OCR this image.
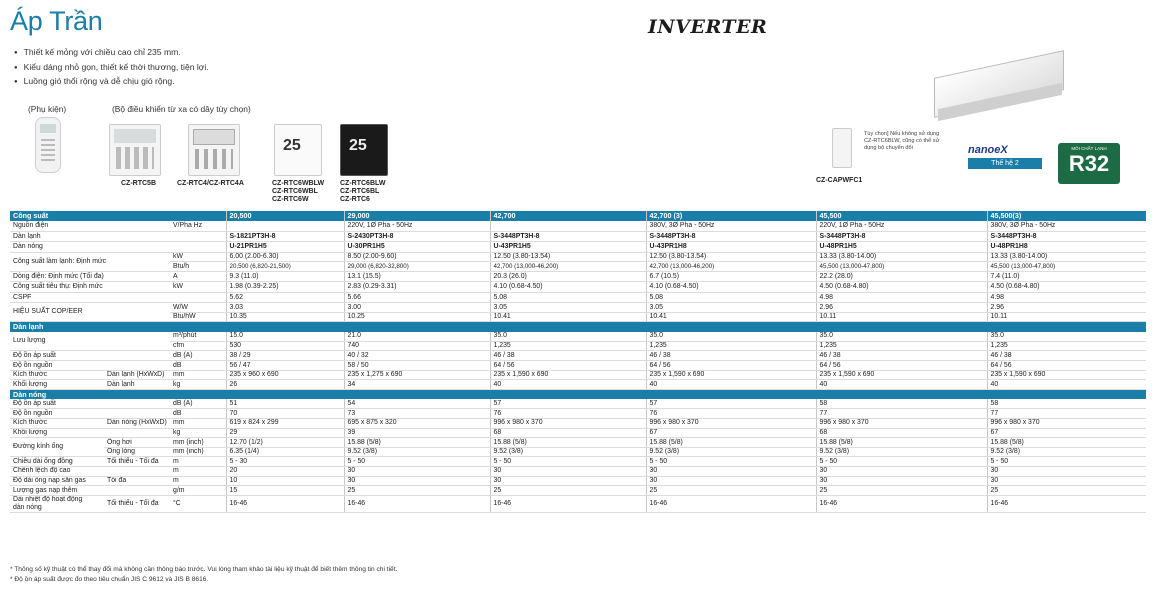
Áp Trần
● Thiết kế mỏng với chiều cao chỉ 235 mm.
● Kiểu dáng nhỏ gọn, thiết kế thời thương, tiện lợi.
● Luồng gió thổi rộng và dễ chịu gió rộng.
(Phụ kiện)	(Bộ điều khiển từ xa có dây tùy chọn)
25	25
CZ-RTC5B	CZ-RTC4/CZ-RTC4A	CZ-RTC6WBLW
CZ-RTC6WBL
CZ-RTC6W
CZ-RTC6BLW
CZ-RTC6BL
CZ-RTC6
INVERTER
Tùy chọn] Nếu không sử dụng CZ-RTC6BLW, cũng có thể sử dụng bộ chuyển đổi
CZ-CAPWFC1
nanoeX
Thế hệ 2
MÔI CHẤT LẠNH
R32
Công suất			20,500	29,000	42,700	42,700 (3)	45,500	45,500(3)
Nguồn điện		V/Pha Hz		220V, 1Ø Pha - 50Hz		380V, 3Ø Pha - 50Hz	220V, 1Ø Pha - 50Hz	380V, 3Ø Pha - 50Hz
Dàn lạnh			S-1821PT3H-8	S-2430PT3H-8	S-3448PT3H-8	S-3448PT3H-8	S-3448PT3H-8	S-3448PT3H-8
Dàn nóng			U-21PR1H5	U-30PR1H5	U-43PR1H5	U-43PR1H8	U-48PR1H5	U-48PR1H8
Công suất làm lạnh: Định mức		kW	6.00 (2.00-6.30)	8.50 (2.00-9.60)	12.50 (3.80-13.54)	12.50 (3.80-13.54)	13.33 (3.80-14.00)	13.33 (3.80-14.00)
		Btu/h	20,500 (6,820-21,500)	29,000 (6,820-32,800)	42,700 (13,000-46,200)	42,700 (13,000-46,200)	45,500 (13,000-47,800)	45,500 (13,000-47,800)
Dòng điện: Định mức (Tối đa)		A	9.3 (11.0)	13.1 (15.5)	20.3 (26.0)	6.7 (10.5)	22.2 (28.0)	7.4 (11.0)
Công suất tiêu thụ: Định mức		kW	1.98 (0.39-2.25)	2.83 (0.29-3.31)	4.10 (0.68-4.50)	4.10 (0.68-4.50)	4.50 (0.68-4.80)	4.50 (0.68-4.80)
CSPF			5.62	5.66	5.08	5.08	4.98	4.98
HIỆU SUẤT COP/EER		W/W	3.03	3.00	3.05	3.05	2.96	2.96
		Btu/hW	10.35	10.25	10.41	10.41	10.11	10.11
Dàn lạnh								
Lưu lượng		m³/phút	15.0	21.0	35.0	35.0	35.0	35.0
		cfm	530	740	1,235	1,235	1,235	1,235
Độ ồn áp suất		dB (A)	38 / 29	40 / 32	46 / 38	46 / 38	46 / 38	46 / 38
Độ ồn nguồn		dB	56 / 47	58 / 50	64 / 56	64 / 56	64 / 56	64 / 56
Kích thước	Dàn lạnh (HxWxD)	mm	235 x 960 x 690	235 x 1,275 x 690	235 x 1,590 x 690	235 x 1,590 x 690	235 x 1,590 x 690	235 x 1,590 x 690
Khối lượng	Dàn lạnh	kg	26	34	40	40	40	40
Dàn nóng								
Độ ồn áp suất		dB (A)	51	54	57	57	58	58
Độ ồn nguồn		dB	70	73	76	76	77	77
Kích thước	Dàn nóng (HxWxD)	mm	619 x 824 x 299	695 x 875 x 320	996 x 980 x 370	996 x 980 x 370	996 x 980 x 370	996 x 980 x 370
Khối lượng		kg	29	39	68	67	68	67
Đường kính ống	Ống hơi	mm (inch)	12.70 (1/2)	15.88 (5/8)	15.88 (5/8)	15.88 (5/8)	15.88 (5/8)	15.88 (5/8)
	Ống lỏng	mm (inch)	6.35 (1/4)	9.52 (3/8)	9.52 (3/8)	9.52 (3/8)	9.52 (3/8)	9.52 (3/8)
Chiều dài ống đồng	Tối thiểu - Tối đa	m	5 - 30	5 - 50	5 - 50	5 - 50	5 - 50	5 - 50
Chênh lệch độ cao		m	20	30	30	30	30	30
Độ dài ống nạp sẵn gas	Tối đa	m	10	30	30	30	30	30
Lượng gas nạp thêm		g/m	15	25	25	25	25	25
Dải nhiệt độ hoạt động
dàn nóng	Tối thiểu - Tối đa	°C	16-46	16-46	16-46	16-46	16-46	16-46
* Thông số kỹ thuật có thể thay đổi mà không cần thông báo trước. Vui lòng tham khảo tài liệu kỹ thuật để biết thêm thông tin chi tiết.
* Độ ồn áp suất được đo theo tiêu chuẩn JIS C 9612 và JIS B 8616.
